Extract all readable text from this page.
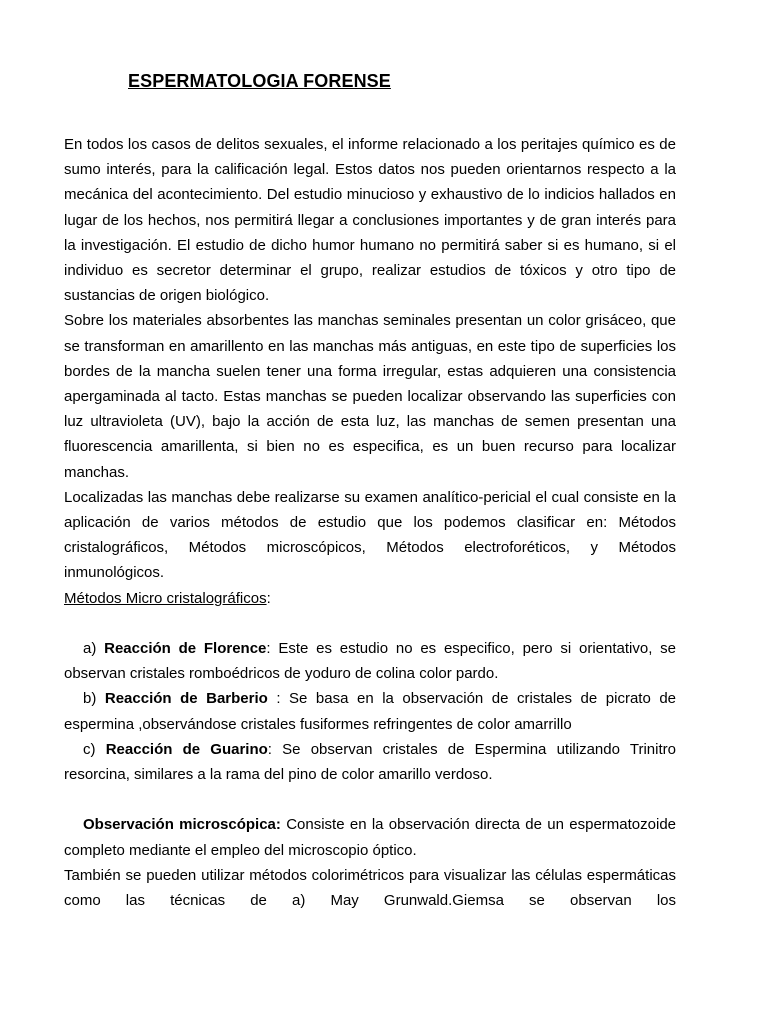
ESPERMATOLOGIA FORENSE

En todos los casos de delitos sexuales, el informe relacionado a los peritajes químico es de sumo interés, para la calificación legal. Estos datos nos pueden orientarnos respecto a la mecánica del acontecimiento. Del estudio minucioso y exhaustivo de lo indicios hallados en lugar de los hechos, nos permitirá llegar a conclusiones importantes y de gran interés para la investigación. El estudio de dicho humor humano no permitirá saber si es humano, si el individuo es secretor determinar el grupo, realizar estudios de tóxicos y otro tipo de sustancias de origen biológico.

Sobre los materiales absorbentes las manchas seminales presentan un color grisáceo, que se transforman en amarillento en las manchas más antiguas, en este tipo de superficies los bordes de la mancha suelen tener una forma irregular, estas adquieren una consistencia apergaminada al tacto. Estas manchas se pueden localizar observando las superficies con luz ultravioleta (UV), bajo la acción de esta luz, las manchas de semen presentan una fluorescencia amarillenta, si bien no es especifica, es un buen recurso para localizar manchas.

Localizadas las manchas debe realizarse su examen analítico-pericial el cual consiste en la aplicación de varios métodos de estudio que los podemos clasificar en: Métodos cristalográficos, Métodos microscópicos, Métodos electroforéticos, y Métodos inmunológicos.

Métodos Micro cristalográficos:

a) Reacción de Florence: Este es estudio no es especifico, pero si orientativo, se observan cristales romboédricos de yoduro de colina color pardo.

b) Reacción de Barberio : Se basa en la observación de cristales de picrato de espermina ,observándose cristales fusiformes refringentes de color amarrillo

c) Reacción de Guarino: Se observan cristales de Espermina utilizando Trinitro resorcina, similares a la rama del pino de color amarillo verdoso.

Observación microscópica: Consiste en la observación directa de un espermatozoide completo mediante el empleo del microscopio óptico.

También se pueden utilizar métodos colorimétricos para visualizar las células espermáticas como las técnicas de a) May Grunwald.Giemsa se observan los
